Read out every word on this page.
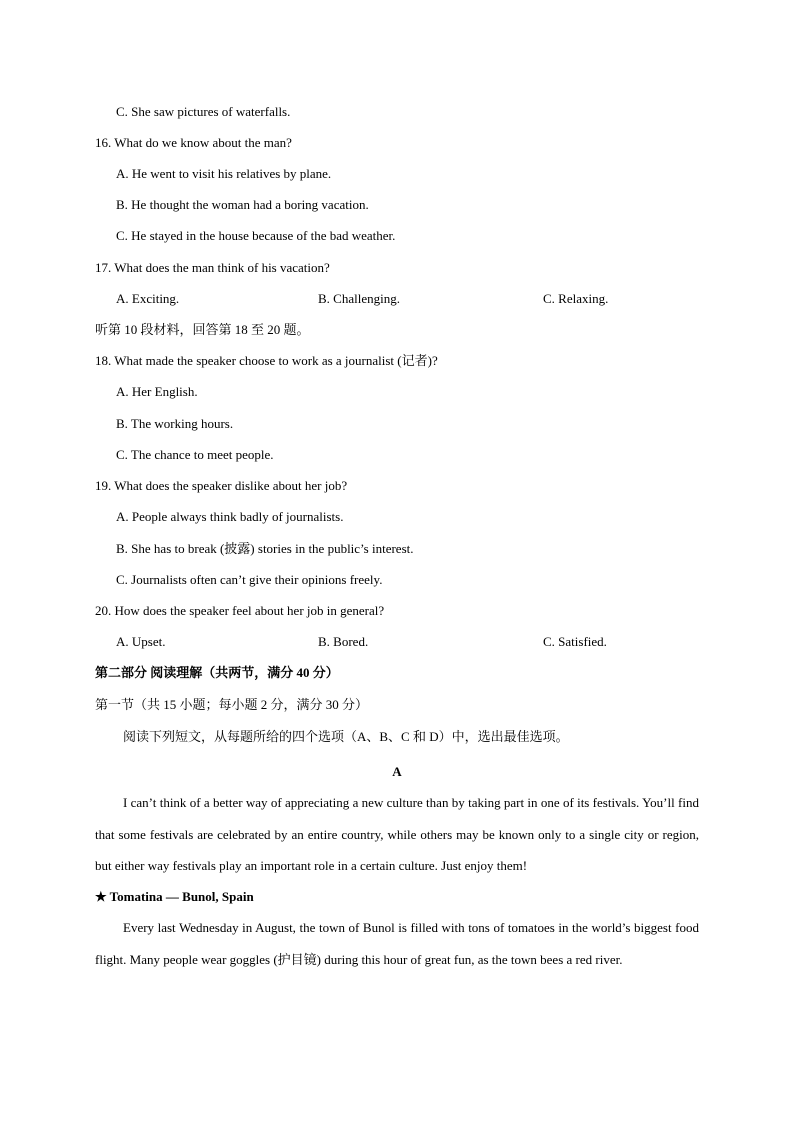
C. She saw pictures of waterfalls.
16. What do we know about the man?
A. He went to visit his relatives by plane.
B. He thought the woman had a boring vacation.
C. He stayed in the house because of the bad weather.
17. What does the man think of his vacation?
A. Exciting.	B. Challenging.	C. Relaxing.
听第 10 段材料，回答第 18 至 20 题。
18. What made the speaker choose to work as a journalist (记者)?
A. Her English.
B. The working hours.
C. The chance to meet people.
19. What does the speaker dislike about her job?
A. People always think badly of journalists.
B. She has to break (披露) stories in the public’s interest.
C. Journalists often can’t give their opinions freely.
20. How does the speaker feel about her job in general?
A. Upset.	B. Bored.	C. Satisfied.
第二部分 阅读理解（共两节，满分 40 分）
第一节（共 15 小题；每小题 2 分，满分 30 分）
阅读下列短文，从每题所给的四个选项（A、B、C 和 D）中，选出最佳选项。
A

I can’t think of a better way of appreciating a new culture than by taking part in one of its festivals. You’ll find that some festivals are celebrated by an entire country, while others may be known only to a single city or region, but either way festivals play an important role in a certain culture. Just enjoy them!

★ Tomatina — Bunol, Spain

Every last Wednesday in August, the town of Bunol is filled with tons of tomatoes in the world’s biggest food flight. Many people wear goggles (护目镜) during this hour of great fun, as the town bees a red river.
